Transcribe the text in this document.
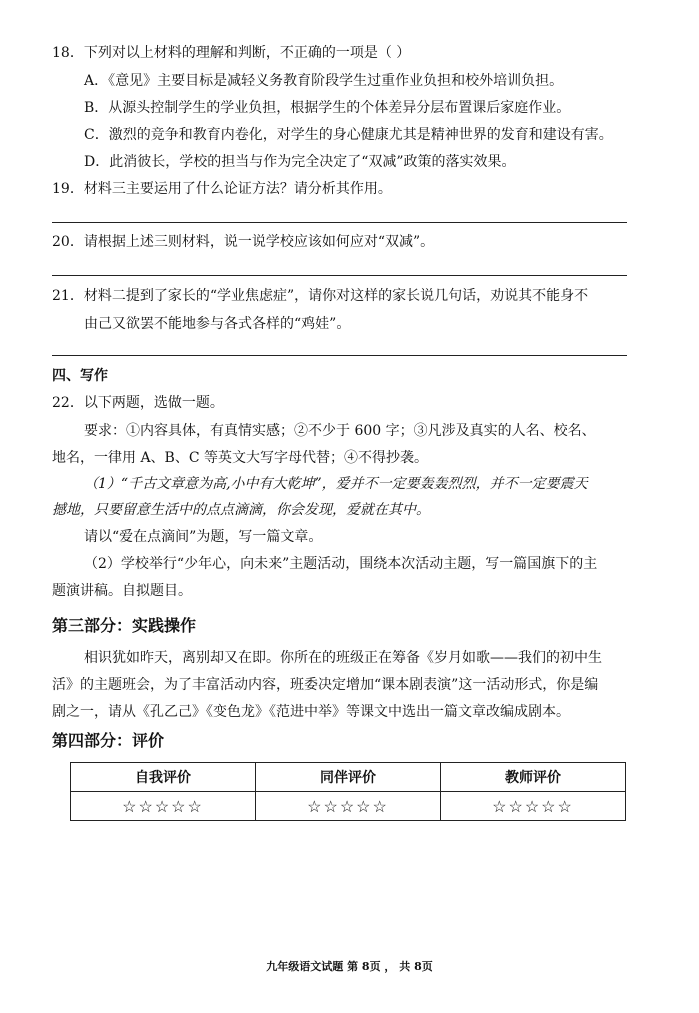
18．下列对以上材料的理解和判断，不正确的一项是（ ）
A．《意见》主要目标是减轻义务教育阶段学生过重作业负担和校外培训负担。
B．从源头控制学生的学业负担，根据学生的个体差异分层布置课后家庭作业。
C．激烈的竞争和教育内卷化，对学生的身心健康尤其是精神世界的发育和建设有害。
D．此消彼长，学校的担当与作为完全决定了“双减”政策的落实效果。
19．材料三主要运用了什么论证方法？请分析其作用。
20．请根据上述三则材料，说一说学校应该如何应对“双减”。
21．材料二提到了家长的“学业焦虑症”，请你对这样的家长说几句话，劝说其不能身不
由己又欲罢不能地参与各式各样的“鸡娃”。
四、写作
22．以下两题，选做一题。
要求：①内容具体，有真情实感；②不少于 600 字；③凡涉及真实的人名、校名、
地名，一律用 A、B、C 等英文大写字母代替；④不得抄袭。
（1）“千古文章意为高,小中有大乾坤”，爱并不一定要轰轰烈烈，并不一定要震天
撼地，只要留意生活中的点点滴滴，你会发现，爱就在其中。
请以“爱在点滴间”为题，写一篇文章。
（2）学校举行“少年心，向未来”主题活动，围绕本次活动主题，写一篇国旗下的主
题演讲稿。自拟题目。
第三部分：实践操作
相识犹如昨天，离别却又在即。你所在的班级正在筹备《岁月如歌——我们的初中生
活》的主题班会，为了丰富活动内容，班委决定增加“课本剧表演”这一活动形式，你是编
剧之一，请从《孔乙己》《变色龙》《范进中举》等课文中选出一篇文章改编成剧本。
第四部分：评价
自我评价	同伴评价	教师评价
☆☆☆☆☆	☆☆☆☆☆	☆☆☆☆☆
九年级语文试题 第 8页 ， 共 8页
